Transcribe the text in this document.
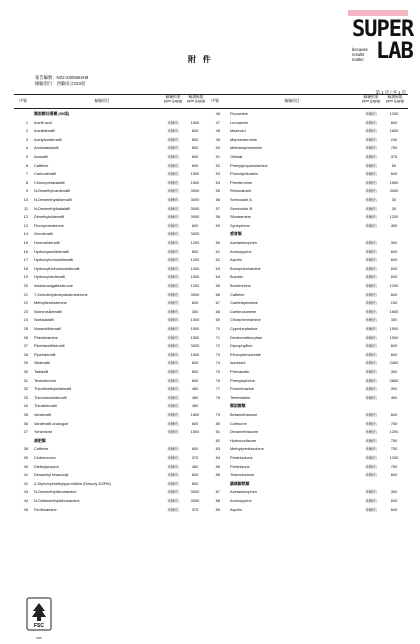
SUPER
because
results
matter LAB
附 件
報告編號：NZ2-2305564H8
檢驗項目：西藥成分233項
第 1 頁 / 共 1 頁
序號	檢驗項目
檢驗結果 ppm (μg/g)
檢測極限 ppm (μg/g)	序號	檢驗項目
檢驗結果 ppm (μg/g)
檢測極限 ppm (μg/g)
類固醇壯陽藥 (50項)
1 Acetil acid	未檢出	1500
2 Acetildenafil	未檢出	600
3 Acetylvardenafil	未檢出	600
4 Aminotadalafil	未檢出	600
5 Avanafil	未檢出	600
6 Caffeine	未檢出	600
7 Carbodenafil	未檢出	1500
8 Chloropretadalafil	未檢出	1500
9 N-Desethylvardenafil	未檢出	3000
10 N-Desmethylsildenafil	未檢出	3000
11 N-Desmethyltadalafil	未檢出	3000
12 Dimethylsildenafil	未檢出	3000
13 Fluoxymesterone	未檢出	600
14 Gendenafil	未檢出	3000
15 Homosildenafil	未檢出	1200
16 Hydroxyacetildenafil	未檢出	600
17 Hydroxyhomosildenafil	未檢出	1200
18 Hydroxythiohomosildenafil	未檢出	1000
19 Hydroxyvardenafil	未檢出	1500
20 Imidazosagatriazinone	未檢出	1200
21 7-Ketodehydroepiandrosterone	未檢出	3000
22 Methyltestosterone	未檢出	600
23 Norneosildenafil	未檢出	300
24 Nortadalafil	未檢出	1000
25 Noracetildenafil	未檢出	1500
26 Phentolamine	未檢出	1500
27 Piperiacetildenafil	未檢出	3000
28 Piperidenafil	未檢出	1500
29 Sildenafil	未檢出	600
30 Tadalafil	未檢出	600
31 Testosterone	未檢出	600
32 Thiodimethylsildenafil	未檢出	450
33 Thiohomosildenafil	未檢出	450
34 Thiosildenafil	未檢出	450
35 Vardenafil	未檢出	1800
36 Vardenafil analogue	未檢出	600
37 Yohimbine	未檢出	1500
減肥類
38 Caffeine	未檢出	600
39 Clobenzorex	未檢出	375
40 Diethylpropion	未檢出	450
41 Desacetyl bisacodyl	未檢出	600
42 2-Diphenylmethylpyrrolidine (Desoxy-D2PM)	未檢出	600
43 N-Desmethylsibutramine	未檢出	3000
44 N-Didesmethylsibutramine	未檢出	3000
45 Fenfluramine	未檢出	375
46	Fluoxetine	未檢出	1200
47	Lorcaserin	未檢出	600
48	Mazindol	未檢出	1650
49	Mephentermine	未檢出	240
50	Methamphetamine	未檢出	750
51	Orlistat	未檢出	375
52	Phenylpropanolamine	未檢出	60
53	Phenolphthalein	未檢出	600
54	Phentermine	未檢出	1500
55	Rimonabant	未檢出	3000
56	Sennoside A	未檢出	30
57	Sennoside B	未檢出	30
58	Sibutramine	未檢出	1200
59	Synephrine	未檢出	450
感冒類
60	Acetaminophen	未檢出	300
61	Aminopyrine	未檢出	600
62	Aspirin	未檢出	600
63	Brompheniramine	未檢出	600
64	Buzalin	未檢出	600
65	Bromhexine	未檢出	1200
66	Caffeine	未檢出	600
67	Carbetapentane	未檢出	150
68	Carbinoxamine	未檢出	1650
69	Chlorpheniramine	未檢出	300
70	Cyproheptadine	未檢出	1500
71	Dextromethorphan	未檢出	1500
72	Diprophylline	未檢出	600
73	Ethoxybenzamide	未檢出	600
74	Isoniazid	未檢出	2400
75	Phenacetin	未檢出	300
76	Phenylephrine	未檢出	2850
77	Promethazine	未檢出	300
78	Terfenadine	未檢出	450
類固醇類
79	Betamethasone	未檢出	600
80	Cortisone	未檢出	750
81	Dexamethasone	未檢出	1200
82	Hydrocortisone	未檢出	750
83	Methylprednisolone	未檢出	750
84	Prednisolone	未檢出	1200
85	Prednisone	未檢出	750
86	Triamcinolone	未檢出	600
鎮痛解熱類
87	Acetaminophen	未檢出	300
88	Aminopyrine	未檢出	600
89	Aspirin	未檢出	600
FSC
MIX
